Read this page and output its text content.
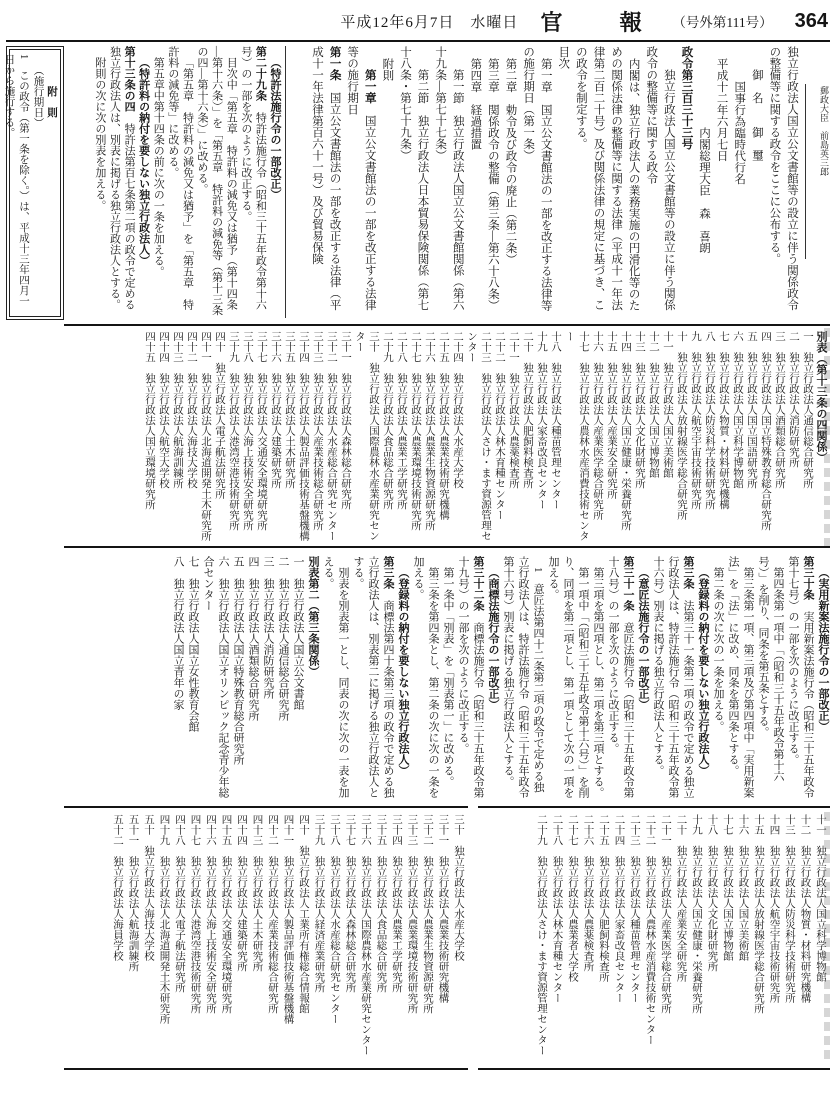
平成12年6月7日　水曜日 官報
（号外第111号） 364

附　則

（施行期日）

1　この政令（第一条を除く。）は、平成十三年四月一日から施行する。	郵政大臣　前島英三郎

独立行政法人国立公文書館等の設立に伴う関係政令の整備等に関する政令をここに公布する。

御　名　　御　璽

国事行為臨時代行名

平成十二年六月七日

内閣総理大臣　森　喜朗

政令第三百三十三号

独立行政法人国立公文書館等の設立に伴う関係政令の整備等に関する政令

内閣は、独立行政法人の業務実施の円滑化等のための関係法律の整備等に関する法律（平成十一年法律第二百二十号）及び関係法律の規定に基づき、この政令を制定する。

目次

第一章　国立公文書館法の一部を改正する法律等の施行期日（第一条）

第二章　勅令及び政令の廃止（第二条）

第三章　関係政令の整備（第三条―第六十八条）

第四章　経過措置

第一節　独立行政法人国立公文書館関係（第六十九条―第七十七条）

第二節　独立行政法人日本貿易保険関係（第七十八条・第七十九条）

附則

第一章　国立公文書館法の一部を改正する法律等の施行期日

第一条　国立公文書館法の一部を改正する法律（平成十一年法律第百六十一号）及び貿易保険

（特許法施行令の一部改正）

第二十九条　特許法施行令（昭和三十五年政令第十六号）の一部を次のように改正する。

目次中「第五章　特許料の減免又は猶予（第十四条―第十六条）」を「第五章　特許料の減免等（第十三条の四―第十六条）」に改める。

「第五章　特許料の減免又は猶予」を「第五章　特許料の減免等」に改める。

第五章中第十四条の前に次の一条を加える。

（特許料の納付を要しない独立行政法人）

第十三条の四　特許法第百七条第二項の政令で定める独立行政法人は、別表に掲げる独立行政法人とする。

附則の次に次の別表を加える。

別表（第十三条の四関係）

一　独立行政法人通信総合研究所

二　独立行政法人消防研究所

三　独立行政法人酒類総合研究所

四　独立行政法人国立特殊教育総合研究所

五　独立行政法人国立国語研究所

六　独立行政法人国立科学博物館

七　独立行政法人物質・材料研究機構

八　独立行政法人防災科学技術研究所

九　独立行政法人航空宇宙技術研究所

十　独立行政法人放射線医学総合研究所

十一　独立行政法人国立美術館

十二　独立行政法人国立博物館

十三　独立行政法人文化財研究所

十四　独立行政法人国立健康・栄養研究所

十五　独立行政法人産業安全研究所

十六　独立行政法人産業医学総合研究所

十七　独立行政法人農林水産消費技術センター

十八　独立行政法人種苗管理センター

十九　独立行政法人家畜改良センター

二十　独立行政法人肥飼料検査所

二十一　独立行政法人農薬検査所

二十二　独立行政法人林木育種センター

二十三　独立行政法人さけ・ます資源管理センター

二十四　独立行政法人水産大学校

二十五　独立行政法人農業技術研究機構

二十六　独立行政法人農業生物資源研究所

二十七　独立行政法人農業環境技術研究所

二十八　独立行政法人農業工学研究所

二十九　独立行政法人食品総合研究所

三十　独立行政法人国際農林水産業研究センター

三十一　独立行政法人森林総合研究所

三十二　独立行政法人水産総合研究センター

三十三　独立行政法人産業技術総合研究所

三十四　独立行政法人製品評価技術基盤機構

三十五　独立行政法人土木研究所

三十六　独立行政法人建築研究所

三十七　独立行政法人交通安全環境研究所

三十八　独立行政法人海上技術安全研究所

三十九　独立行政法人港湾空港技術研究所

四十　独立行政法人電子航法研究所

四十一　独立行政法人北海道開発土木研究所

四十二　独立行政法人海技大学校

四十三　独立行政法人航海訓練所

四十四　独立行政法人航空大学校

四十五　独立行政法人国立環境研究所

（実用新案法施行令の一部改正）

第三十条　実用新案法施行令（昭和三十五年政令第十七号）の一部を次のように改正する。

第四条第一項中「（昭和三十五年政令第十六号）」を削り、同条を第五条とする。

第三条第一項、第三項及び第四項中「実用新案法」を「法」に改め、同条を第四条とする。

第二条の次に次の一条を加える。

（登録料の納付を要しない独立行政法人）

第三条　法第三十一条第二項の政令で定める独立行政法人は、特許法施行令（昭和三十五年政令第十六号）別表に掲げる独立行政法人とする。

（意匠法施行令の一部改正）

第三十一条　意匠法施行令（昭和三十五年政令第十八号）の一部を次のように改正する。

第三項を第四項とし、第二項を第三項とする。

第一項中「（昭和三十五年政令第十六号）」を削り、同項を第二項とし、第一項として次の一項を加える。

1　意匠法第四十二条第二項の政令で定める独立行政法人は、特許法施行令（昭和三十五年政令第十六号）別表に掲げる独立行政法人とする。

（商標法施行令の一部改正）

第三十二条　商標法施行令（昭和三十五年政令第十九号）の一部を次のように改正する。

第一条中「別表」を「別表第一」に改める。

第三条を第四条とし、第二条の次に次の一条を加える。

（登録料の納付を要しない独立行政法人）

第三条　商標法第四十条第三項の政令で定める独立行政法人は、別表第二に掲げる独立行政法人とする。

別表を別表第一とし、同表の次に次の一表を加える。

別表第二（第三条関係）

一　独立行政法人国立公文書館

二　独立行政法人通信総合研究所

三　独立行政法人消防研究所

四　独立行政法人酒類総合研究所

五　独立行政法人国立特殊教育総合研究所

六　独立行政法人国立オリンピック記念青少年総合センター

七　独立行政法人国立女性教育会館

八　独立行政法人国立青年の家

十一　独立行政法人国立科学博物館

十二　独立行政法人物質・材料研究機構

十三　独立行政法人防災科学技術研究所

十四　独立行政法人航空宇宙技術研究所

十五　独立行政法人放射線医学総合研究所

十六　独立行政法人国立美術館

十七　独立行政法人国立博物館

十八　独立行政法人文化財研究所

十九　独立行政法人国立健康・栄養研究所

二十　独立行政法人産業安全研究所

二十一　独立行政法人産業医学総合研究所

二十二　独立行政法人農林水産消費技術センター

二十三　独立行政法人種苗管理センター

二十四　独立行政法人家畜改良センター

二十五　独立行政法人肥飼料検査所

二十六　独立行政法人農薬検査所

二十七　独立行政法人農業者大学校

二十八　独立行政法人林木育種センター

二十九　独立行政法人さけ・ます資源管理センター

三十　独立行政法人水産大学校

三十一　独立行政法人農業技術研究機構

三十二　独立行政法人農業生物資源研究所

三十三　独立行政法人農業環境技術研究所

三十四　独立行政法人農業工学研究所

三十五　独立行政法人食品総合研究所

三十六　独立行政法人国際農林水産業研究センター

三十七　独立行政法人森林総合研究所

三十八　独立行政法人水産総合研究センター

三十九　独立行政法人経済産業研究所

四十　独立行政法人工業所有権総合情報館

四十一　独立行政法人製品評価技術基盤機構

四十二　独立行政法人産業技術総合研究所

四十三　独立行政法人土木研究所

四十四　独立行政法人建築研究所

四十五　独立行政法人交通安全環境研究所

四十六　独立行政法人海上技術安全研究所

四十七　独立行政法人港湾空港技術研究所

四十八　独立行政法人電子航法研究所

四十九　独立行政法人北海道開発土木研究所

五十　独立行政法人海技大学校

五十一　独立行政法人航海訓練所

五十二　独立行政法人海員学校
